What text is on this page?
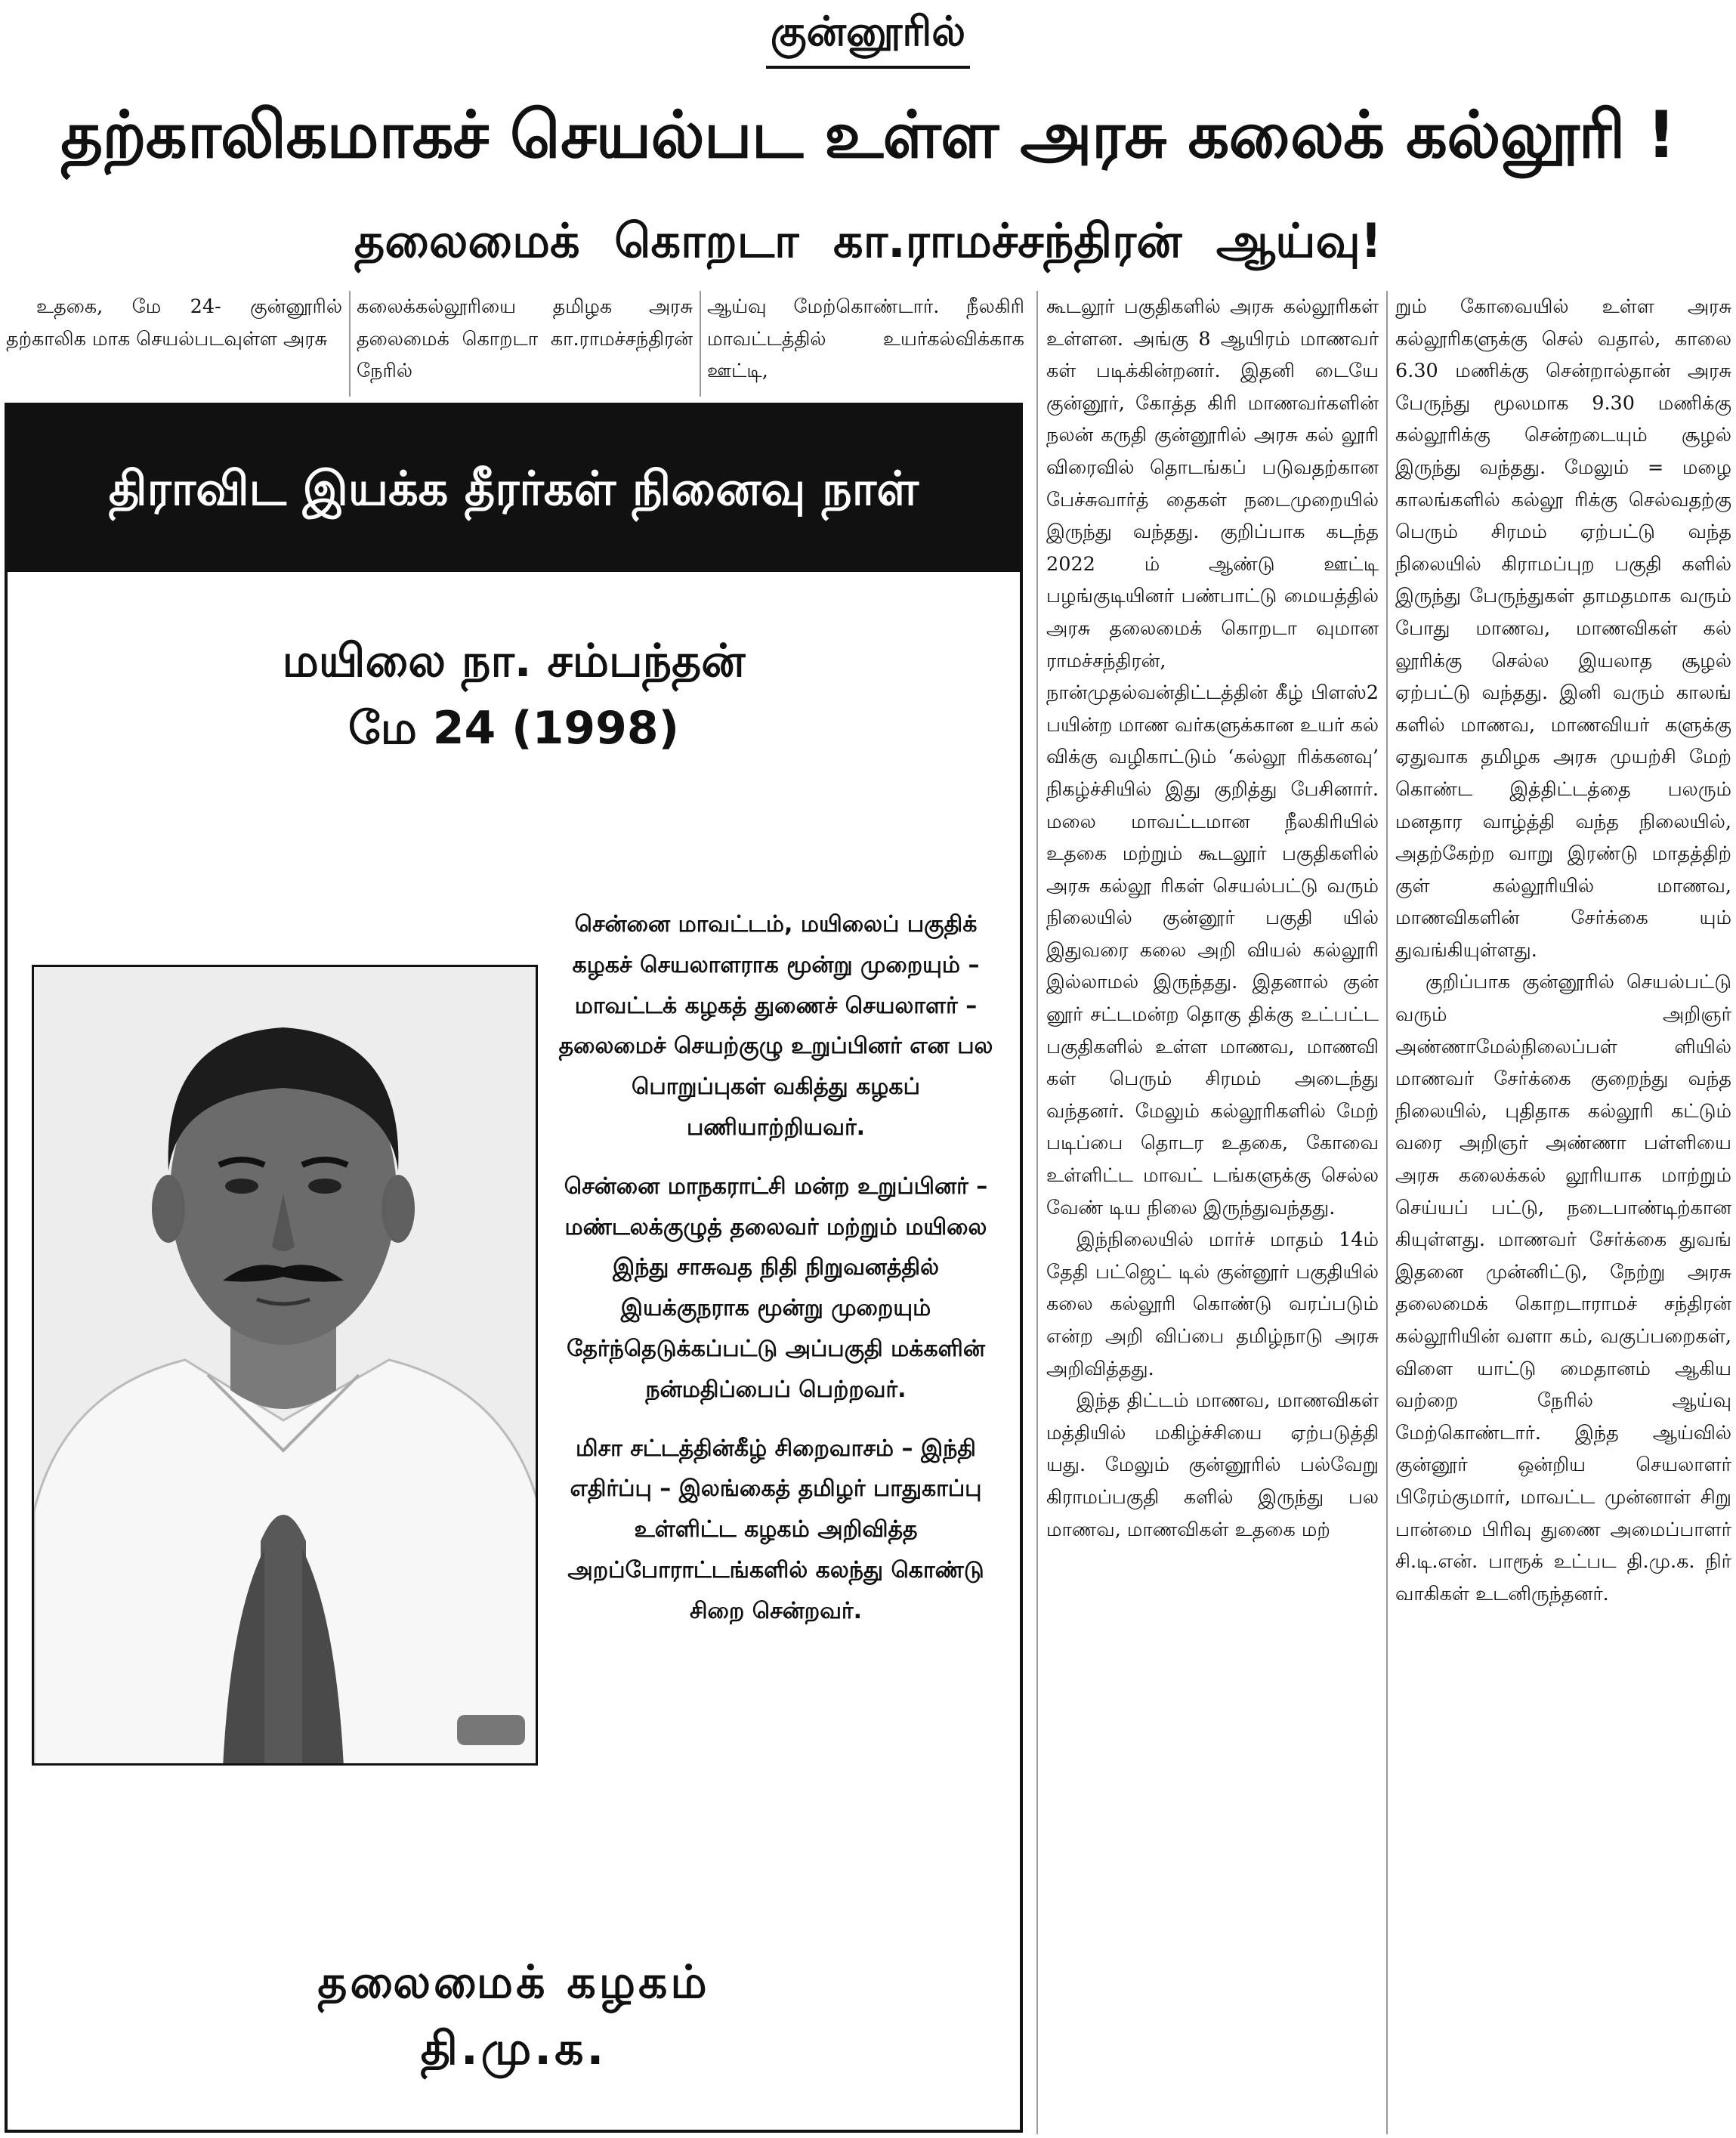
குன்னூரில்
தற்காலிகமாகச் செயல்பட உள்ள அரசு கலைக் கல்லூரி !
தலைமைக் கொறடா கா.ராமச்சந்திரன் ஆய்வு!

உதகை, மே 24- குன்னூரில் தற்காலிக மாக செயல்படவுள்ள அரசு

கலைக்கல்லூரியை தமிழக அரசு தலைமைக் கொறடா கா.ராமச்சந்திரன் நேரில்

ஆய்வு மேற்கொண்டார். நீலகிரி மாவட்டத்தில் உயர்கல்விக்காக ஊட்டி,

திராவிட இயக்க தீரர்கள் நினைவு நாள்
மயிலை நா. சம்பந்தன்
மே 24 (1998)

சென்னை மாவட்டம், மயிலைப் பகுதிக் கழகச் செயலாளராக மூன்று முறையும் – மாவட்டக் கழகத் துணைச் செயலாளர் – தலைமைச் செயற்குழு உறுப்பினர் என பல பொறுப்புகள் வகித்து கழகப் பணியாற்றியவர்.

சென்னை மாநகராட்சி மன்ற உறுப்பினர் – மண்டலக்குழுத் தலைவர் மற்றும் மயிலை இந்து சாசுவத நிதி நிறுவனத்தில் இயக்குநராக மூன்று முறையும் தேர்ந்தெடுக்கப்பட்டு அப்பகுதி மக்களின் நன்மதிப்பைப் பெற்றவர்.

மிசா சட்டத்தின்கீழ் சிறைவாசம் – இந்தி எதிர்ப்பு – இலங்கைத் தமிழர் பாதுகாப்பு உள்ளிட்ட கழகம் அறிவித்த அறப்போராட்டங்களில் கலந்து கொண்டு சிறை சென்றவர்.

தலைமைக் கழகம்
தி.மு.க.

கூடலூர் பகுதிகளில் அரசு கல்லூரிகள் உள்ளன. அங்கு 8 ஆயிரம் மாணவர் கள் படிக்கின்றனர். இதனி டையே குன்னூர், கோத்த கிரி மாணவர்களின் நலன் கருதி குன்னூரில் அரசு கல் லூரி விரைவில் தொடங்கப் படுவதற்கான பேச்சுவார்த் தைகள் நடைமுறையில் இருந்து வந்தது. குறிப்பாக கடந்த 2022 ம் ஆண்டு ஊட்டி பழங்குடியினர் பண்பாட்டு மையத்தில் அரசு தலைமைக் கொறடா வுமான ராமச்சந்திரன், நான்முதல்வன்திட்டத்தின் கீழ் பிளஸ்2 பயின்ற மாண வர்களுக்கான உயர் கல் விக்கு வழிகாட்டும் ‘கல்லூ ரிக்கனவு’ நிகழ்ச்சியில் இது குறித்து பேசினார். மலை மாவட்டமான நீலகிரியில் உதகை மற்றும் கூடலூர் பகுதிகளில் அரசு கல்லூ ரிகள் செயல்பட்டு வரும் நிலையில் குன்னூர் பகுதி யில் இதுவரை கலை அறி வியல் கல்லூரி இல்லாமல் இருந்தது. இதனால் குன் னூர் சட்டமன்ற தொகு திக்கு உட்பட்ட பகுதிகளில் உள்ள மாணவ, மாணவி கள் பெரும் சிரமம் அடைந்து வந்தனர். மேலும் கல்லூரிகளில் மேற் படிப்பை தொடர உதகை, கோவை உள்ளிட்ட மாவட் டங்களுக்கு செல்ல வேண் டிய நிலை இருந்துவந்தது.

இந்நிலையில் மார்ச் மாதம் 14ம் தேதி பட்ஜெட் டில் குன்னூர் பகுதியில் கலை கல்லூரி கொண்டு வரப்படும் என்ற அறி விப்பை தமிழ்நாடு அரசு அறிவித்தது.

இந்த திட்டம் மாணவ, மாணவிகள் மத்தியில் மகிழ்ச்சியை ஏற்படுத்தி யது. மேலும் குன்னூரில் பல்வேறு கிராமப்பகுதி களில் இருந்து பல மாணவ, மாணவிகள் உதகை மற்

றும் கோவையில் உள்ள அரசு கல்லூரிகளுக்கு செல் வதால், காலை 6.30 மணிக்கு சென்றால்தான் அரசு பேருந்து மூலமாக 9.30 மணிக்கு கல்லூரிக்கு சென்றடையும் சூழல் இருந்து வந்தது. மேலும் = மழை காலங்களில் கல்லூ ரிக்கு செல்வதற்கு பெரும் சிரமம் ஏற்பட்டு வந்த நிலையில் கிராமப்புற பகுதி களில் இருந்து பேருந்துகள் தாமதமாக வரும் போது மாணவ, மாணவிகள் கல் லூரிக்கு செல்ல இயலாத சூழல் ஏற்பட்டு வந்தது. இனி வரும் காலங் களில் மாணவ, மாணவியர் களுக்கு ஏதுவாக தமிழக அரசு முயற்சி மேற் கொண்ட இத்திட்டத்தை பலரும் மனதார வாழ்த்தி வந்த நிலையில், அதற்கேற்ற வாறு இரண்டு மாதத்திற் குள் கல்லூரியில் மாணவ, மாணவிகளின் சேர்க்கை யும் துவங்கியுள்ளது.

குறிப்பாக குன்னூரில் செயல்பட்டு வரும் அறிஞர் அண்ணாமேல்நிலைப்பள் ளியில் மாணவர் சேர்க்கை குறைந்து வந்த நிலையில், புதிதாக கல்லூரி கட்டும் வரை அறிஞர் அண்ணா பள்ளியை அரசு கலைக்கல் லூரியாக மாற்றும் செய்யப் பட்டு, நடைபாண்டிற்கான கியுள்ளது. மாணவர் சேர்க்கை துவங் இதனை முன்னிட்டு, நேற்று அரசு தலைமைக் கொறடாராமச் சந்திரன் கல்லூரியின் வளா கம், வகுப்பறைகள், விளை யாட்டு மைதானம் ஆகிய வற்றை நேரில் ஆய்வு மேற்கொண்டார். இந்த ஆய்வில் குன்னூர் ஒன்றிய செயலாளர் பிரேம்குமார், மாவட்ட முன்னாள் சிறு பான்மை பிரிவு துணை அமைப்பாளர் சி.டி.என். பாரூக் உட்பட தி.மு.க. நிர் வாகிகள் உடனிருந்தனர்.
